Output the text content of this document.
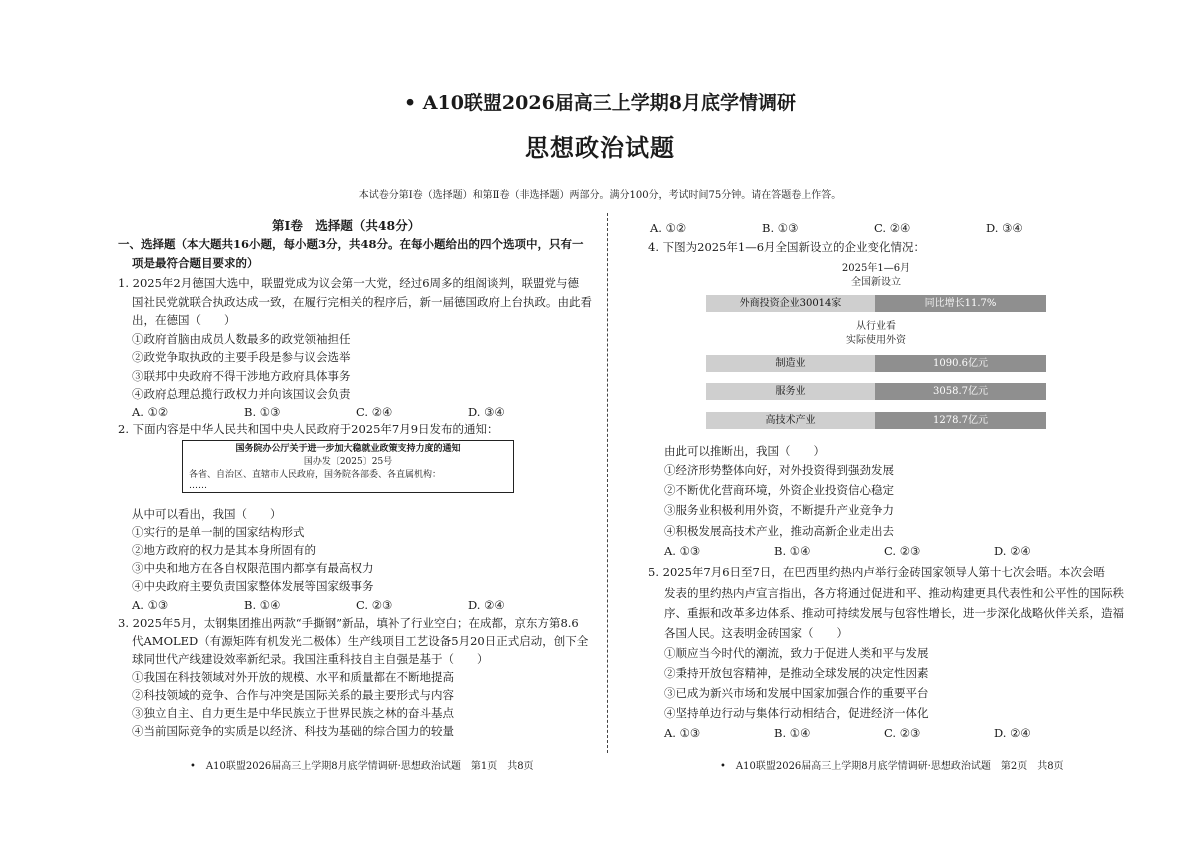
• A10联盟2026届高三上学期8月底学情调研
思想政治试题
本试卷分第Ⅰ卷（选择题）和第Ⅱ卷（非选择题）两部分。满分100分，考试时间75分钟。请在答题卷上作答。
第Ⅰ卷　选择题（共48分）
一、选择题（本大题共16小题，每小题3分，共48分。在每小题给出的四个选项中，只有一
项是最符合题目要求的）
1. 2025年2月德国大选中，联盟党成为议会第一大党，经过6周多的组阁谈判，联盟党与德
国社民党就联合执政达成一致，在履行完相关的程序后，新一届德国政府上台执政。由此看
出，在德国（　　）
①政府首脑由成员人数最多的政党领袖担任
②政党争取执政的主要手段是参与议会选举
③联邦中央政府不得干涉地方政府具体事务
④政府总理总揽行政权力并向该国议会负责
A. ①②	B. ①③	C. ②④	D. ③④
2. 下面内容是中华人民共和国中央人民政府于2025年7月9日发布的通知：
国务院办公厅关于进一步加大稳就业政策支持力度的通知
国办发〔2025〕25号
各省、自治区、直辖市人民政府，国务院各部委、各直属机构：
……
从中可以看出，我国（　　）
①实行的是单一制的国家结构形式
②地方政府的权力是其本身所固有的
③中央和地方在各自权限范围内都享有最高权力
④中央政府主要负责国家整体发展等国家级事务
A. ①③	B. ①④	C. ②③	D. ②④
3. 2025年5月，太钢集团推出两款“手撕钢”新品，填补了行业空白；在成都，京东方第8.6
代AMOLED（有源矩阵有机发光二极体）生产线项目工艺设备5月20日正式启动，创下全
球同世代产线建设效率新纪录。我国注重科技自主自强是基于（　　）
①我国在科技领域对外开放的规模、水平和质量都在不断地提高
②科技领域的竞争、合作与冲突是国际关系的最主要形式与内容
③独立自主、自力更生是中华民族立于世界民族之林的奋斗基点
④当前国际竞争的实质是以经济、科技为基础的综合国力的较量
A. ①②	B. ①③	C. ②④	D. ③④
4. 下图为2025年1—6月全国新设立的企业变化情况：
2025年1—6月
全国新设立
外商投资企业30014家	同比增长11.7%
从行业看
实际使用外资
制造业	1090.6亿元
服务业	3058.7亿元
高技术产业	1278.7亿元
由此可以推断出，我国（　　）
①经济形势整体向好，对外投资得到强劲发展
②不断优化营商环境，外资企业投资信心稳定
③服务业积极利用外资，不断提升产业竞争力
④积极发展高技术产业，推动高新企业走出去
A. ①③	B. ①④	C. ②③	D. ②④
5. 2025年7月6日至7日，在巴西里约热内卢举行金砖国家领导人第十七次会晤。本次会晤
发表的里约热内卢宣言指出，各方将通过促进和平、推动构建更具代表性和公平性的国际秩
序、重振和改革多边体系、推动可持续发展与包容性增长，进一步深化战略伙伴关系，造福
各国人民。这表明金砖国家（　　）
①顺应当今时代的潮流，致力于促进人类和平与发展
②秉持开放包容精神，是推动全球发展的决定性因素
③已成为新兴市场和发展中国家加强合作的重要平台
④坚持单边行动与集体行动相结合，促进经济一体化
A. ①③	B. ①④	C. ②③	D. ②④
•　A10联盟2026届高三上学期8月底学情调研·思想政治试题　第1页　共8页	•　A10联盟2026届高三上学期8月底学情调研·思想政治试题　第2页　共8页
